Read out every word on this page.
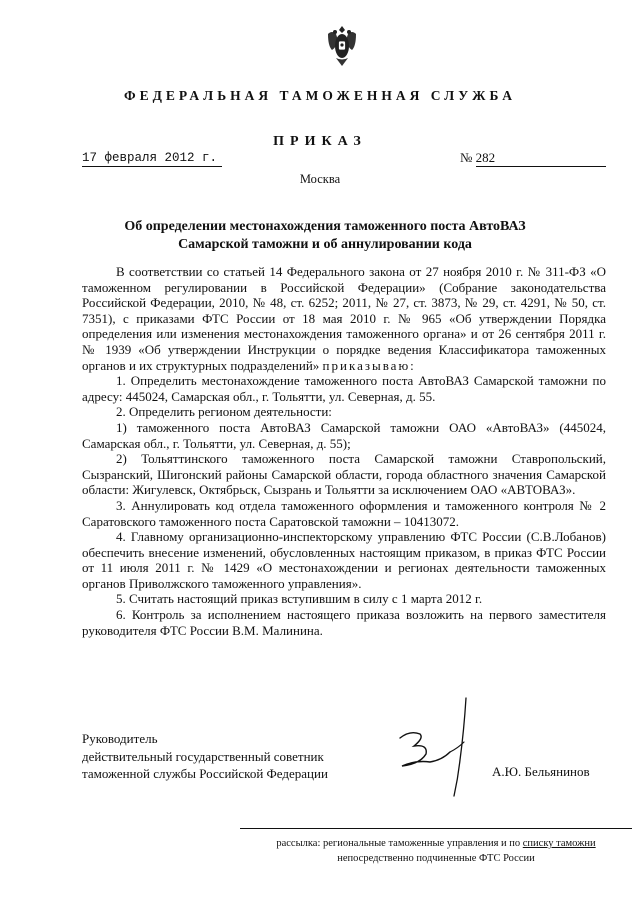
ФЕДЕРАЛЬНАЯ ТАМОЖЕННАЯ СЛУЖБА
ПРИКАЗ
17 февраля 2012 г.	№ 282
Москва
Об определении местонахождения таможенного поста АвтоВАЗ
Самарской таможни и об аннулировании кода

В соответствии со статьей 14 Федерального закона от 27 ноября 2010 г. № 311-ФЗ «О таможенном регулировании в Российской Федерации» (Собрание законодательства Российской Федерации, 2010, № 48, ст. 6252; 2011, № 27, ст. 3873, № 29, ст. 4291, № 50, ст. 7351), с приказами ФТС России от 18 мая 2010 г. № 965 «Об утверждении Порядка определения или изменения местонахождения таможенного органа» и от 26 сентября 2011 г. № 1939 «Об утверждении Инструкции о порядке ведения Классификатора таможенных органов и их структурных подразделений» приказываю:

1. Определить местонахождение таможенного поста АвтоВАЗ Самарской таможни по адресу: 445024, Самарская обл., г. Тольятти, ул. Северная, д. 55.

2. Определить регионом деятельности:

1) таможенного поста АвтоВАЗ Самарской таможни ОАО «АвтоВАЗ» (445024, Самарская обл., г. Тольятти, ул. Северная, д. 55);

2) Тольяттинского таможенного поста Самарской таможни Ставропольский, Сызранский, Шигонский районы Самарской области, города областного значения Самарской области: Жигулевск, Октябрьск, Сызрань и Тольятти за исключением ОАО «АВТОВАЗ».

3. Аннулировать код отдела таможенного оформления и таможенного контроля № 2 Саратовского таможенного поста Саратовской таможни – 10413072.

4. Главному организационно-инспекторскому управлению ФТС России (С.В.Лобанов) обеспечить внесение изменений, обусловленных настоящим приказом, в приказ ФТС России от 11 июля 2011 г. № 1429 «О местонахождении и регионах деятельности таможенных органов Приволжского таможенного управления».

5. Считать настоящий приказ вступившим в силу с 1 марта 2012 г.

6. Контроль за исполнением настоящего приказа возложить на первого заместителя руководителя ФТС России В.М. Малинина.

Руководитель
действительный государственный советник
таможенной службы Российской Федерации	А.Ю. Бельянинов
рассылка: региональные таможенные управления и по списку таможни
непосредственно подчиненные ФТС России
